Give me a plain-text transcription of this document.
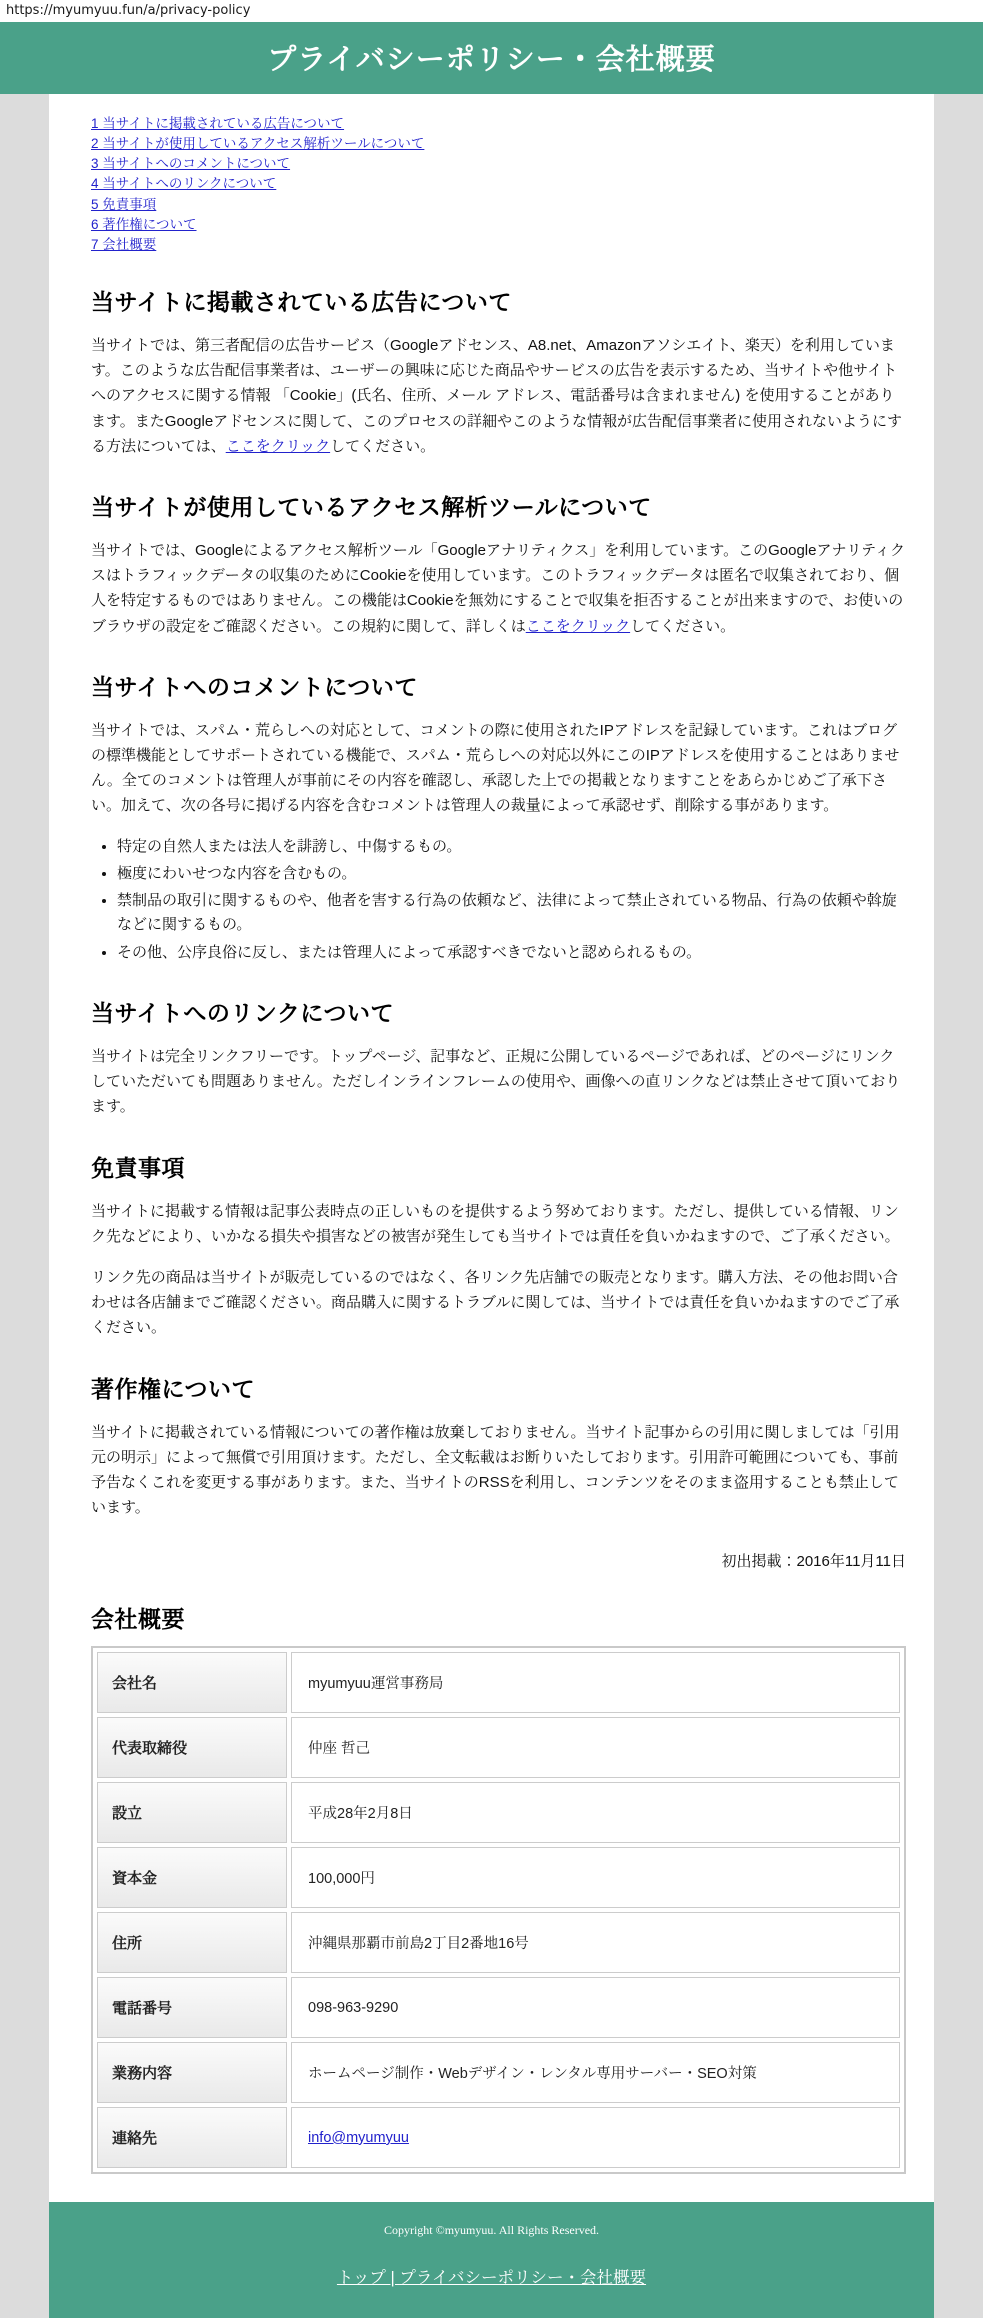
https://myumyuu.fun/a/privacy-policy
プライバシーポリシー・会社概要
1 当サイトに掲載されている広告について
2 当サイトが使用しているアクセス解析ツールについて
3 当サイトへのコメントについて
4 当サイトへのリンクについて
5 免責事項
6 著作権について
7 会社概要
当サイトに掲載されている広告について

当サイトでは、第三者配信の広告サービス（Googleアドセンス、A8.net、Amazonアソシエイト、楽天）を利用しています。このような広告配信事業者は、ユーザーの興味に応じた商品やサービスの広告を表示するため、当サイトや他サイトへのアクセスに関する情報 「Cookie」(氏名、住所、メール アドレス、電話番号は含まれません) を使用することがあります。またGoogleアドセンスに関して、このプロセスの詳細やこのような情報が広告配信事業者に使用されないようにする方法については、ここをクリックしてください。

当サイトが使用しているアクセス解析ツールについて

当サイトでは、Googleによるアクセス解析ツール「Googleアナリティクス」を利用しています。このGoogleアナリティクスはトラフィックデータの収集のためにCookieを使用しています。このトラフィックデータは匿名で収集されており、個人を特定するものではありません。この機能はCookieを無効にすることで収集を拒否することが出来ますので、お使いのブラウザの設定をご確認ください。この規約に関して、詳しくはここをクリックしてください。

当サイトへのコメントについて

当サイトでは、スパム・荒らしへの対応として、コメントの際に使用されたIPアドレスを記録しています。これはブログの標準機能としてサポートされている機能で、スパム・荒らしへの対応以外にこのIPアドレスを使用することはありません。全てのコメントは管理人が事前にその内容を確認し、承認した上での掲載となりますことをあらかじめご了承下さい。加えて、次の各号に掲げる内容を含むコメントは管理人の裁量によって承認せず、削除する事があります。

• 特定の自然人または法人を誹謗し、中傷するもの。
• 極度にわいせつな内容を含むもの。
• 禁制品の取引に関するものや、他者を害する行為の依頼など、法律によって禁止されている物品、行為の依頼や斡旋などに関するもの。
• その他、公序良俗に反し、または管理人によって承認すべきでないと認められるもの。
当サイトへのリンクについて

当サイトは完全リンクフリーです。トップページ、記事など、正規に公開しているページであれば、どのページにリンクしていただいても問題ありません。ただしインラインフレームの使用や、画像への直リンクなどは禁止させて頂いております。

免責事項

当サイトに掲載する情報は記事公表時点の正しいものを提供するよう努めております。ただし、提供している情報、リンク先などにより、いかなる損失や損害などの被害が発生しても当サイトでは責任を負いかねますので、ご了承ください。

リンク先の商品は当サイトが販売しているのではなく、各リンク先店舗での販売となります。購入方法、その他お問い合わせは各店舗までご確認ください。商品購入に関するトラブルに関しては、当サイトでは責任を負いかねますのでご了承ください。

著作権について

当サイトに掲載されている情報についての著作権は放棄しておりません。当サイト記事からの引用に関しましては「引用元の明示」によって無償で引用頂けます。ただし、全文転載はお断りいたしております。引用許可範囲についても、事前予告なくこれを変更する事があります。また、当サイトのRSSを利用し、コンテンツをそのまま盗用することも禁止しています。

初出掲載：2016年11月11日
会社概要
会社名	myumyuu運営事務局
代表取締役	仲座 哲己
設立	平成28年2月8日
資本金	100,000円
住所	沖縄県那覇市前島2丁目2番地16号
電話番号	098-963-9290
業務内容	ホームページ制作・Webデザイン・レンタル専用サーバー・SEO対策
連絡先	info@myumyuu

Copyright ©myumyuu. All Rights Reserved.

トップ | プライバシーポリシー・会社概要
